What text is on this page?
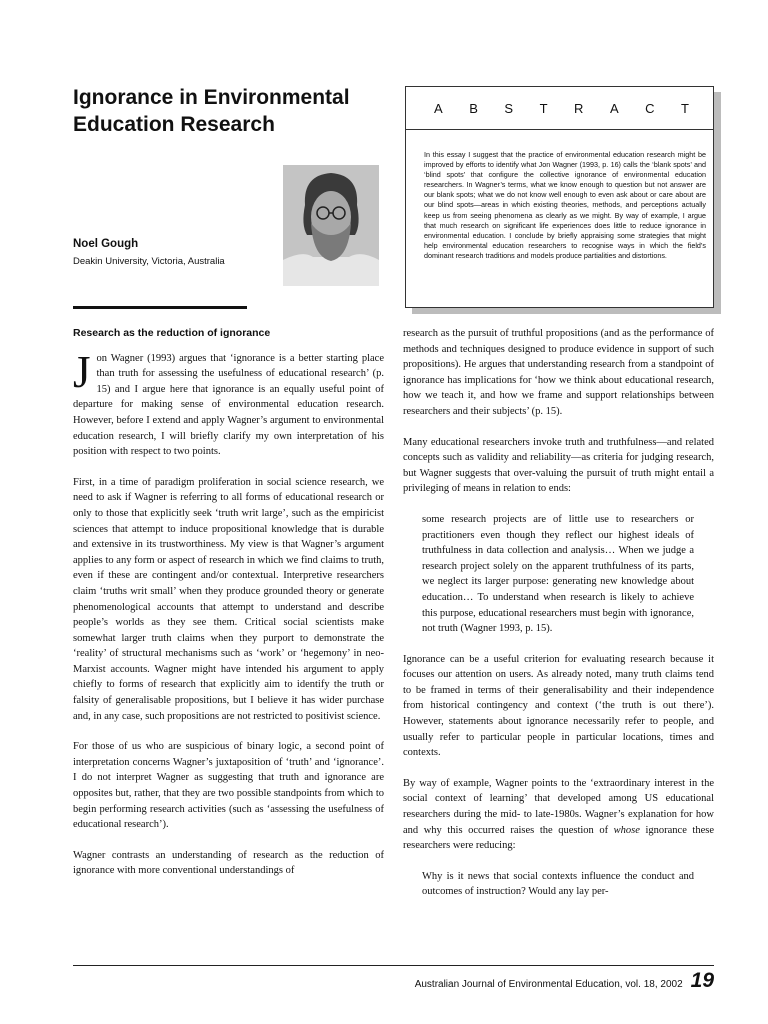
Ignorance in Environmental Education Research
Noel Gough
Deakin University, Victoria, Australia
A B S T R A C T

In this essay I suggest that the practice of environmental education research might be improved by efforts to identify what Jon Wagner (1993, p. 16) calls the ‘blank spots’ and ‘blind spots’ that configure the collective ignorance of environmental education researchers. In Wagner’s terms, what we know enough to question but not answer are our blank spots; what we do not know well enough to even ask about or care about are our blind spots—areas in which existing theories, methods, and perceptions actually keep us from seeing phenomena as clearly as we might. By way of example, I argue that much research on significant life experiences does little to reduce ignorance in environmental education. I conclude by briefly appraising some strategies that might help environmental education researchers to recognise ways in which the field’s dominant research traditions and models produce partialities and distortions.

Research as the reduction of ignorance

Jon Wagner (1993) argues that ‘ignorance is a better starting place than truth for assessing the usefulness of educational research’ (p. 15) and I argue here that ignorance is an equally useful point of departure for making sense of environmental education research. However, before I extend and apply Wagner’s argument to environmental education research, I will briefly clarify my own interpretation of his position with respect to two points.

First, in a time of paradigm proliferation in social science research, we need to ask if Wagner is referring to all forms of educational research or only to those that explicitly seek ‘truth writ large’, such as the empiricist sciences that attempt to induce propositional knowledge that is durable and extensive in its trustworthiness. My view is that Wagner’s argument applies to any form or aspect of research in which we find claims to truth, even if these are contingent and/or contextual. Interpretive researchers claim ‘truths writ small’ when they produce grounded theory or generate phenomenological accounts that attempt to understand and describe people’s worlds as they see them. Critical social scientists make somewhat larger truth claims when they purport to demonstrate the ‘reality’ of structural mechanisms such as ‘work’ or ‘hegemony’ in neo-Marxist accounts. Wagner might have intended his argument to apply chiefly to forms of research that explicitly aim to identify the truth or falsity of generalisable propositions, but I believe it has wider purchase and, in any case, such propositions are not restricted to positivist science.

For those of us who are suspicious of binary logic, a second point of interpretation concerns Wagner’s juxtaposition of ‘truth’ and ‘ignorance’. I do not interpret Wagner as suggesting that truth and ignorance are opposites but, rather, that they are two possible standpoints from which to begin performing research activities (such as ‘assessing the usefulness of educational research’).

Wagner contrasts an understanding of research as the reduction of ignorance with more conventional understandings of

research as the pursuit of truthful propositions (and as the performance of methods and techniques designed to produce evidence in support of such propositions). He argues that understanding research from a standpoint of ignorance has implications for ‘how we think about educational research, how we teach it, and how we frame and support relationships between researchers and their subjects’ (p. 15).

Many educational researchers invoke truth and truthfulness—and related concepts such as validity and reliability—as criteria for judging research, but Wagner suggests that over-valuing the pursuit of truth might entail a privileging of means in relation to ends:

some research projects are of little use to researchers or practitioners even though they reflect our highest ideals of truthfulness in data collection and analysis… When we judge a research project solely on the apparent truthfulness of its parts, we neglect its larger purpose: generating new knowledge about education… To understand when research is likely to achieve this purpose, educational researchers must begin with ignorance, not truth (Wagner 1993, p. 15).

Ignorance can be a useful criterion for evaluating research because it focuses our attention on users. As already noted, many truth claims tend to be framed in terms of their generalisability and their independence from historical contingency and context (‘the truth is out there’). However, statements about ignorance necessarily refer to people, and usually refer to particular people in particular locations, times and contexts.

By way of example, Wagner points to the ‘extraordinary interest in the social context of learning’ that developed among US educational researchers during the mid- to late-1980s. Wagner’s explanation for how and why this occurred raises the question of whose ignorance these researchers were reducing:

Why is it news that social contexts influence the conduct and outcomes of instruction? Would any lay per-

Australian Journal of Environmental Education, vol. 18, 2002 19
